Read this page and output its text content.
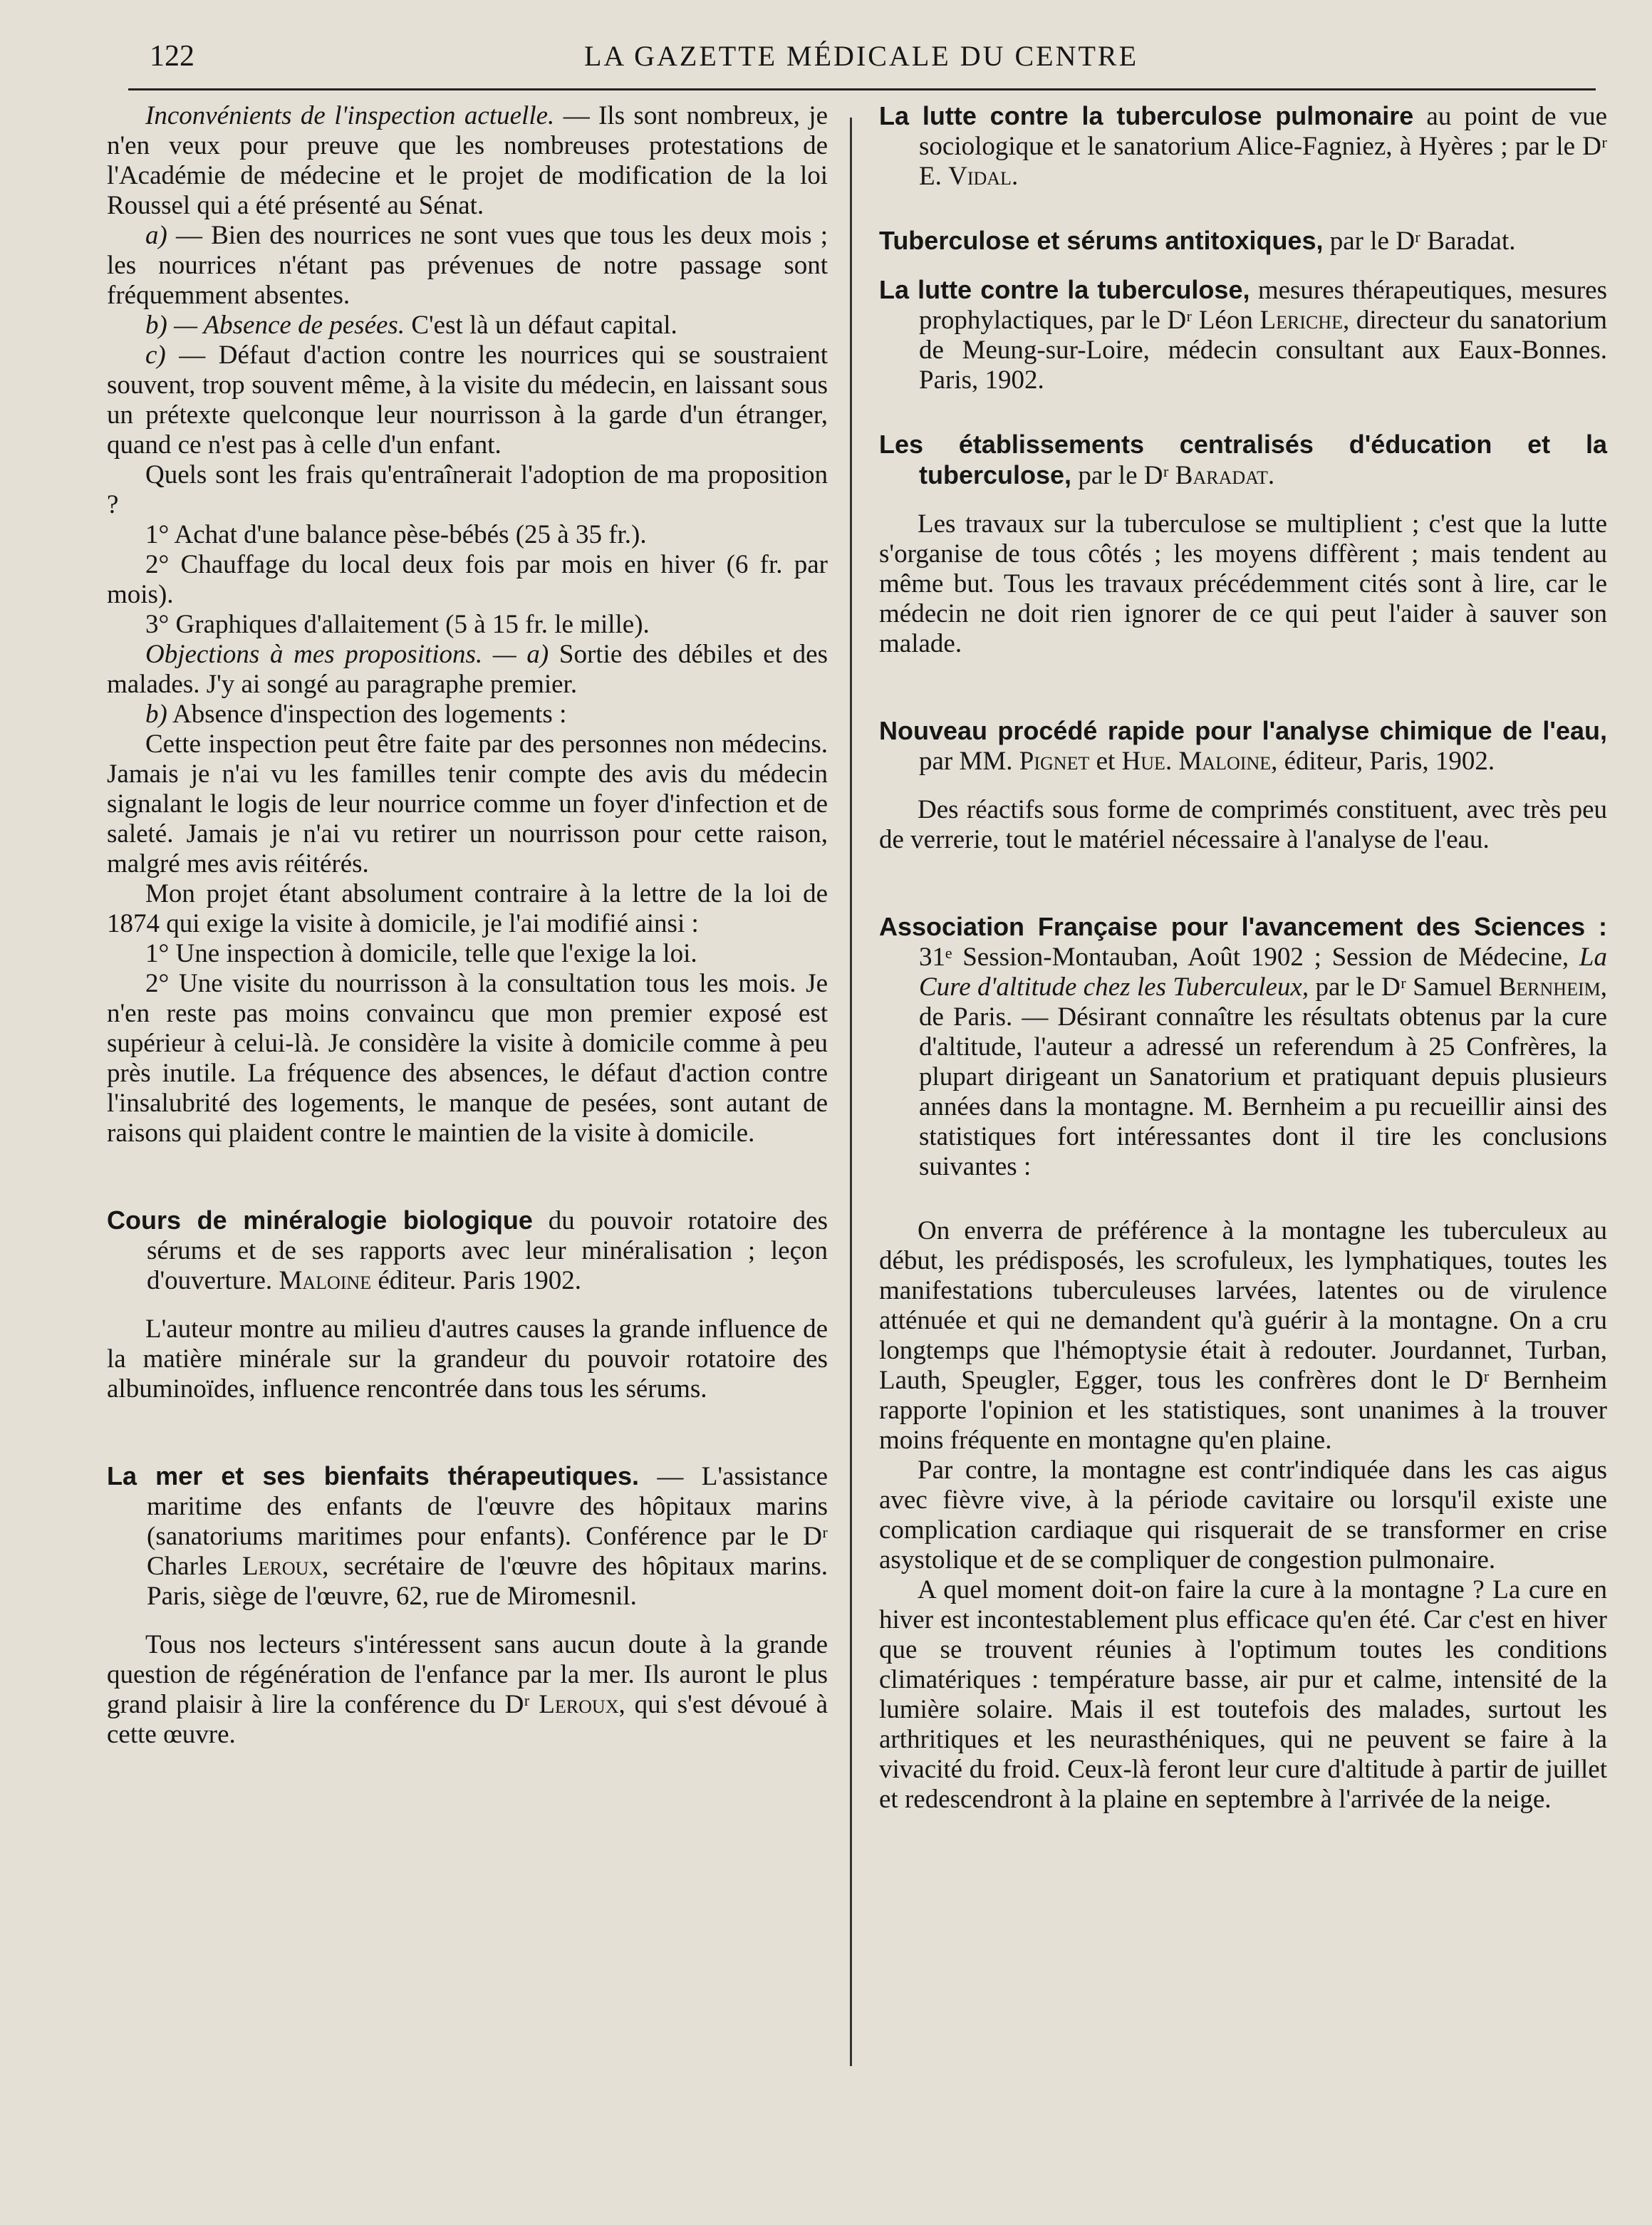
122	LA GAZETTE MÉDICALE DU CENTRE

Inconvénients de l'inspection actuelle. — Ils sont nombreux, je n'en veux pour preuve que les nombreuses protestations de l'Académie de médecine et le projet de modification de la loi Roussel qui a été présenté au Sénat.

a) — Bien des nourrices ne sont vues que tous les deux mois ; les nourrices n'étant pas prévenues de notre passage sont fréquemment absentes.

b) — Absence de pesées. C'est là un défaut capital.

c) — Défaut d'action contre les nourrices qui se soustraient souvent, trop souvent même, à la visite du médecin, en laissant sous un prétexte quelconque leur nourrisson à la garde d'un étranger, quand ce n'est pas à celle d'un enfant.

Quels sont les frais qu'entraînerait l'adoption de ma proposition ?

1° Achat d'une balance pèse-bébés (25 à 35 fr.).

2° Chauffage du local deux fois par mois en hiver (6 fr. par mois).

3° Graphiques d'allaitement (5 à 15 fr. le mille).

Objections à mes propositions. — a) Sortie des débiles et des malades. J'y ai songé au paragraphe premier.

b) Absence d'inspection des logements :

Cette inspection peut être faite par des personnes non médecins. Jamais je n'ai vu les familles tenir compte des avis du médecin signalant le logis de leur nourrice comme un foyer d'infection et de saleté. Jamais je n'ai vu retirer un nourrisson pour cette raison, malgré mes avis réitérés.

Mon projet étant absolument contraire à la lettre de la loi de 1874 qui exige la visite à domicile, je l'ai modifié ainsi :

1° Une inspection à domicile, telle que l'exige la loi.

2° Une visite du nourrisson à la consultation tous les mois. Je n'en reste pas moins convaincu que mon premier exposé est supérieur à celui-là. Je considère la visite à domicile comme à peu près inutile. La fréquence des absences, le défaut d'action contre l'insalubrité des logements, le manque de pesées, sont autant de raisons qui plaident contre le maintien de la visite à domicile.

Cours de minéralogie biologique du pouvoir rotatoire des sérums et de ses rapports avec leur minéralisation ; leçon d'ouverture. Maloine éditeur. Paris 1902.

L'auteur montre au milieu d'autres causes la grande influence de la matière minérale sur la grandeur du pouvoir rotatoire des albuminoïdes, influence rencontrée dans tous les sérums.

La mer et ses bienfaits thérapeutiques. — L'assistance maritime des enfants de l'œuvre des hôpitaux marins (sanatoriums maritimes pour enfants). Conférence par le Dʳ Charles Leroux, secrétaire de l'œuvre des hôpitaux marins. Paris, siège de l'œuvre, 62, rue de Miromesnil.

Tous nos lecteurs s'intéressent sans aucun doute à la grande question de régénération de l'enfance par la mer. Ils auront le plus grand plaisir à lire la conférence du Dʳ Leroux, qui s'est dévoué à cette œuvre.

La lutte contre la tuberculose pulmonaire au point de vue sociologique et le sanatorium Alice-Fagniez, à Hyères ; par le Dʳ E. Vidal.

Tuberculose et sérums antitoxiques, par le Dʳ Baradat.

La lutte contre la tuberculose, mesures thérapeutiques, mesures prophylactiques, par le Dʳ Léon Leriche, directeur du sanatorium de Meung-sur-Loire, médecin consultant aux Eaux-Bonnes. Paris, 1902.

Les établissements centralisés d'éducation et la tuberculose, par le Dʳ Baradat.

Les travaux sur la tuberculose se multiplient ; c'est que la lutte s'organise de tous côtés ; les moyens diffèrent ; mais tendent au même but. Tous les travaux précédemment cités sont à lire, car le médecin ne doit rien ignorer de ce qui peut l'aider à sauver son malade.

Nouveau procédé rapide pour l'analyse chimique de l'eau, par MM. Pignet et Hue. Maloine, éditeur, Paris, 1902.

Des réactifs sous forme de comprimés constituent, avec très peu de verrerie, tout le matériel nécessaire à l'analyse de l'eau.

Association Française pour l'avancement des Sciences : 31ᵉ Session-Montauban, Août 1902 ; Session de Médecine, La Cure d'altitude chez les Tuberculeux, par le Dʳ Samuel Bernheim, de Paris. — Désirant connaître les résultats obtenus par la cure d'altitude, l'auteur a adressé un referendum à 25 Confrères, la plupart dirigeant un Sanatorium et pratiquant depuis plusieurs années dans la montagne. M. Bernheim a pu recueillir ainsi des statistiques fort intéressantes dont il tire les conclusions suivantes :

On enverra de préférence à la montagne les tuberculeux au début, les prédisposés, les scrofuleux, les lymphatiques, toutes les manifestations tuberculeuses larvées, latentes ou de virulence atténuée et qui ne demandent qu'à guérir à la montagne. On a cru longtemps que l'hémoptysie était à redouter. Jourdannet, Turban, Lauth, Speugler, Egger, tous les confrères dont le Dʳ Bernheim rapporte l'opinion et les statistiques, sont unanimes à la trouver moins fréquente en montagne qu'en plaine.

Par contre, la montagne est contr'indiquée dans les cas aigus avec fièvre vive, à la période cavitaire ou lorsqu'il existe une complication cardiaque qui risquerait de se transformer en crise asystolique et de se compliquer de congestion pulmonaire.

A quel moment doit-on faire la cure à la montagne ? La cure en hiver est incontestablement plus efficace qu'en été. Car c'est en hiver que se trouvent réunies à l'optimum toutes les conditions climatériques : température basse, air pur et calme, intensité de la lumière solaire. Mais il est toutefois des malades, surtout les arthritiques et les neurasthéniques, qui ne peuvent se faire à la vivacité du froid. Ceux-là feront leur cure d'altitude à partir de juillet et redescendront à la plaine en septembre à l'arrivée de la neige.
